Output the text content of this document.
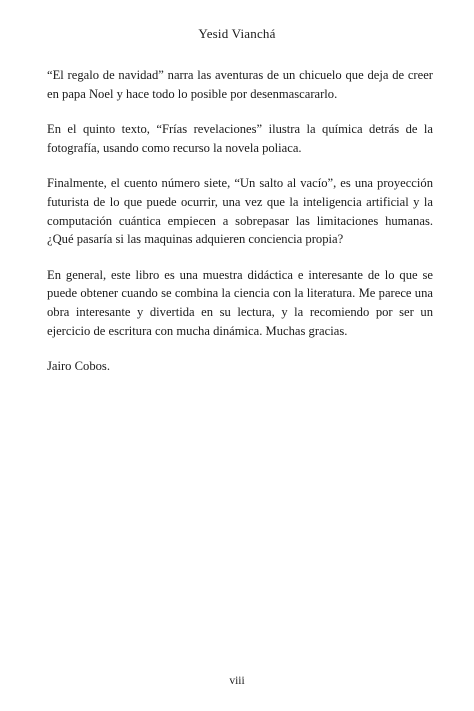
Yesid Vianchá

“El regalo de navidad” narra las aventuras de un chicuelo que deja de creer en papa Noel y hace todo lo posible por desenmascararlo.

En el quinto texto, “Frías revelaciones” ilustra la química detrás de la fotografía, usando como recurso la novela poliaca.

Finalmente, el cuento número siete, “Un salto al vacío”, es una proyección futurista de lo que puede ocurrir, una vez que la inteligencia artificial y la computación cuántica empiecen a sobrepasar las limitaciones humanas. ¿Qué pasaría si las maquinas adquieren conciencia propia?

En general, este libro es una muestra didáctica e interesante de lo que se puede obtener cuando se combina la ciencia con la literatura. Me parece una obra interesante y divertida en su lectura, y la recomiendo por ser un ejercicio de escritura con mucha dinámica. Muchas gracias.

Jairo Cobos.

viii
